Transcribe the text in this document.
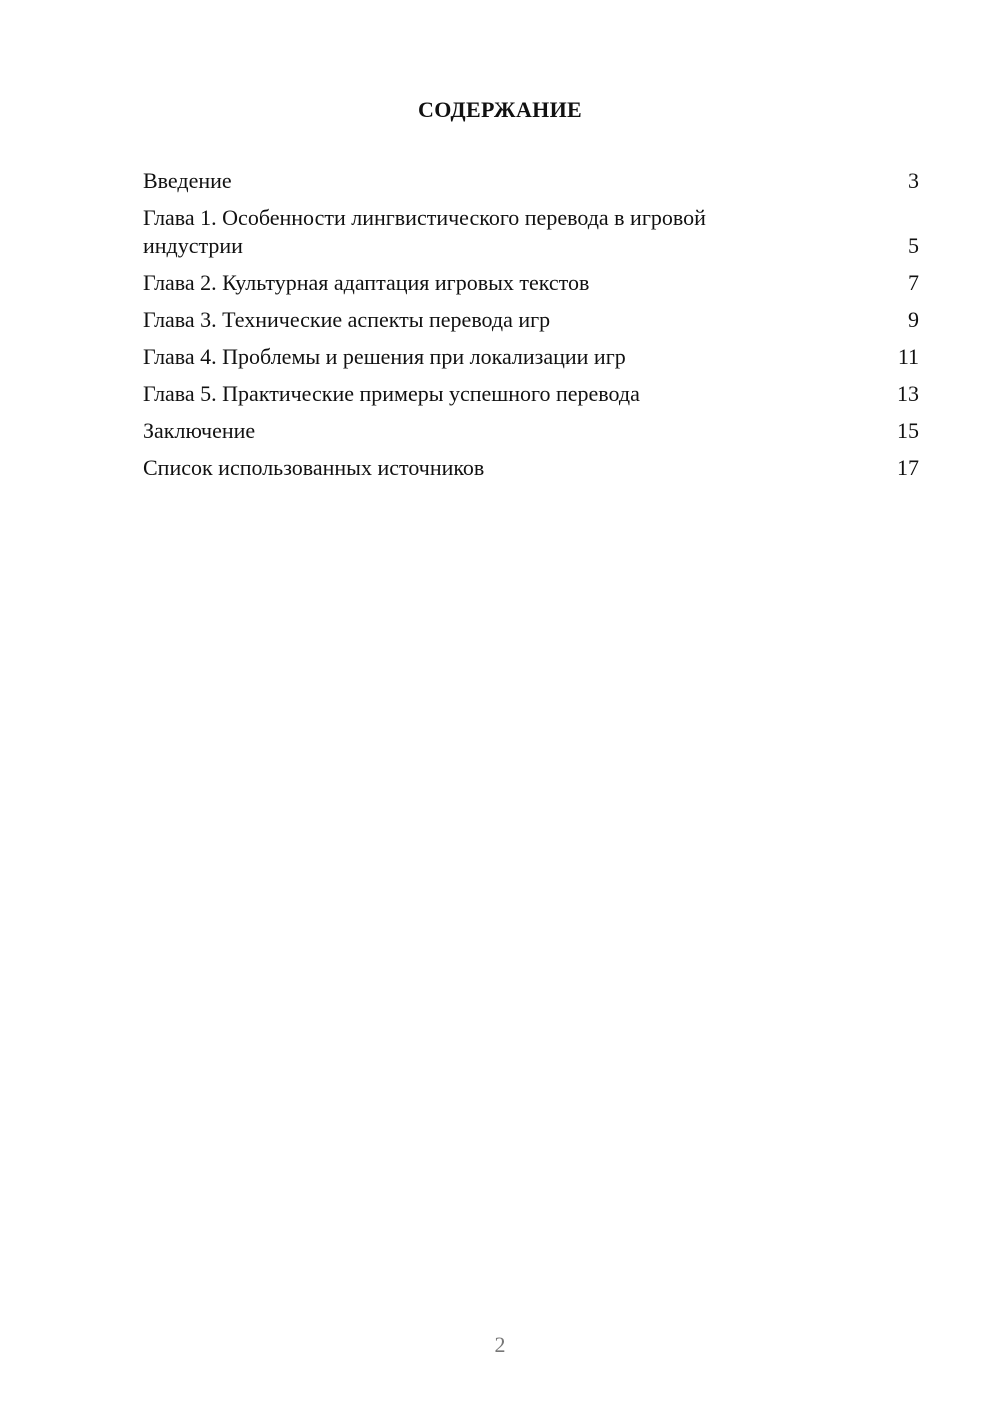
СОДЕРЖАНИЕ
Введение	3
Глава 1. Особенности лингвистического перевода в игровой индустрии	5
Глава 2. Культурная адаптация игровых текстов	7
Глава 3. Технические аспекты перевода игр	9
Глава 4. Проблемы и решения при локализации игр	11
Глава 5. Практические примеры успешного перевода	13
Заключение	15
Список использованных источников	17
2
